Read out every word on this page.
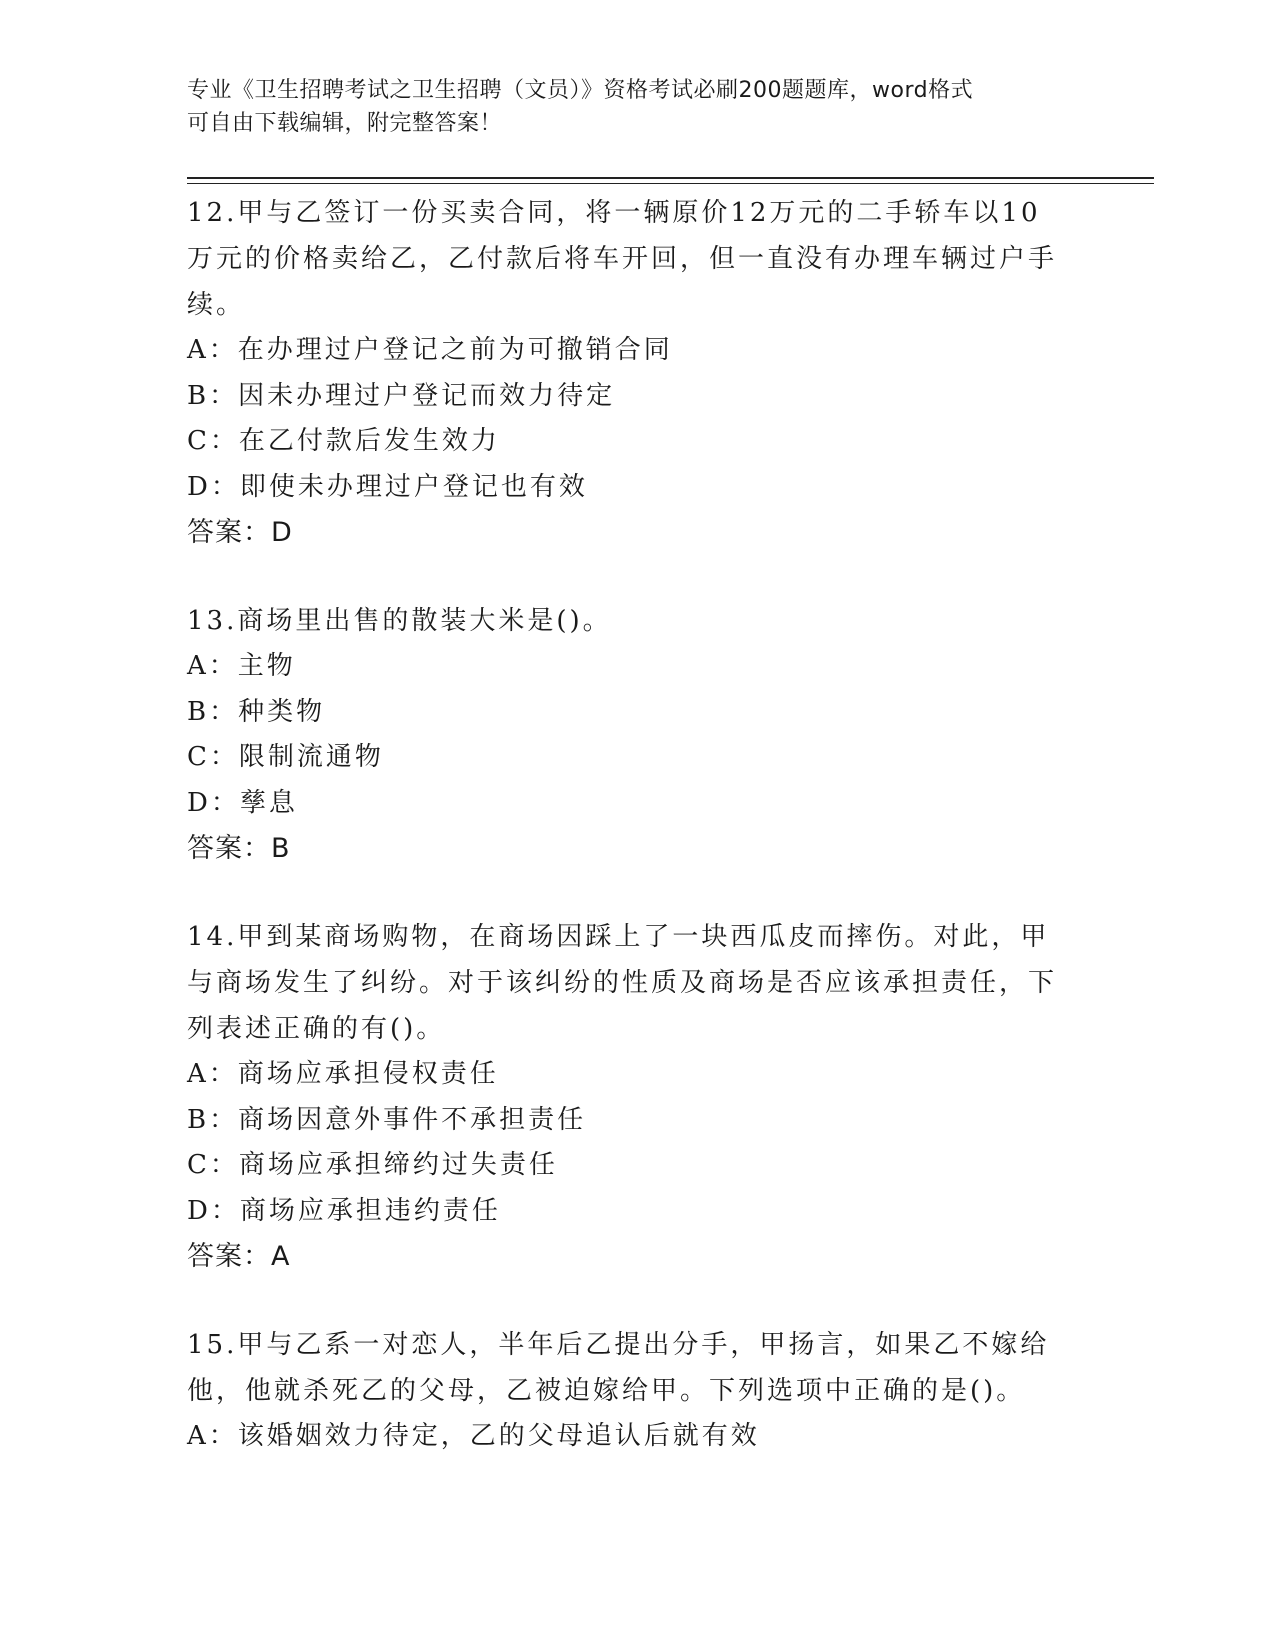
专业《卫生招聘考试之卫生招聘（文员）》资格考试必刷200题题库，word格式
可自由下载编辑，附完整答案！
12.甲与乙签订一份买卖合同，将一辆原价12万元的二手轿车以10万元的价格卖给乙，乙付款后将车开回，但一直没有办理车辆过户手续。
A：在办理过户登记之前为可撤销合同
B：因未办理过户登记而效力待定
C：在乙付款后发生效力
D：即使未办理过户登记也有效
答案：D
13.商场里出售的散装大米是()。
A：主物
B：种类物
C：限制流通物
D：孳息
答案：B
14.甲到某商场购物，在商场因踩上了一块西瓜皮而摔伤。对此，甲与商场发生了纠纷。对于该纠纷的性质及商场是否应该承担责任，下列表述正确的有()。
A：商场应承担侵权责任
B：商场因意外事件不承担责任
C：商场应承担缔约过失责任
D：商场应承担违约责任
答案：A
15.甲与乙系一对恋人，半年后乙提出分手，甲扬言，如果乙不嫁给他，他就杀死乙的父母，乙被迫嫁给甲。下列选项中正确的是()。
A：该婚姻效力待定，乙的父母追认后就有效
